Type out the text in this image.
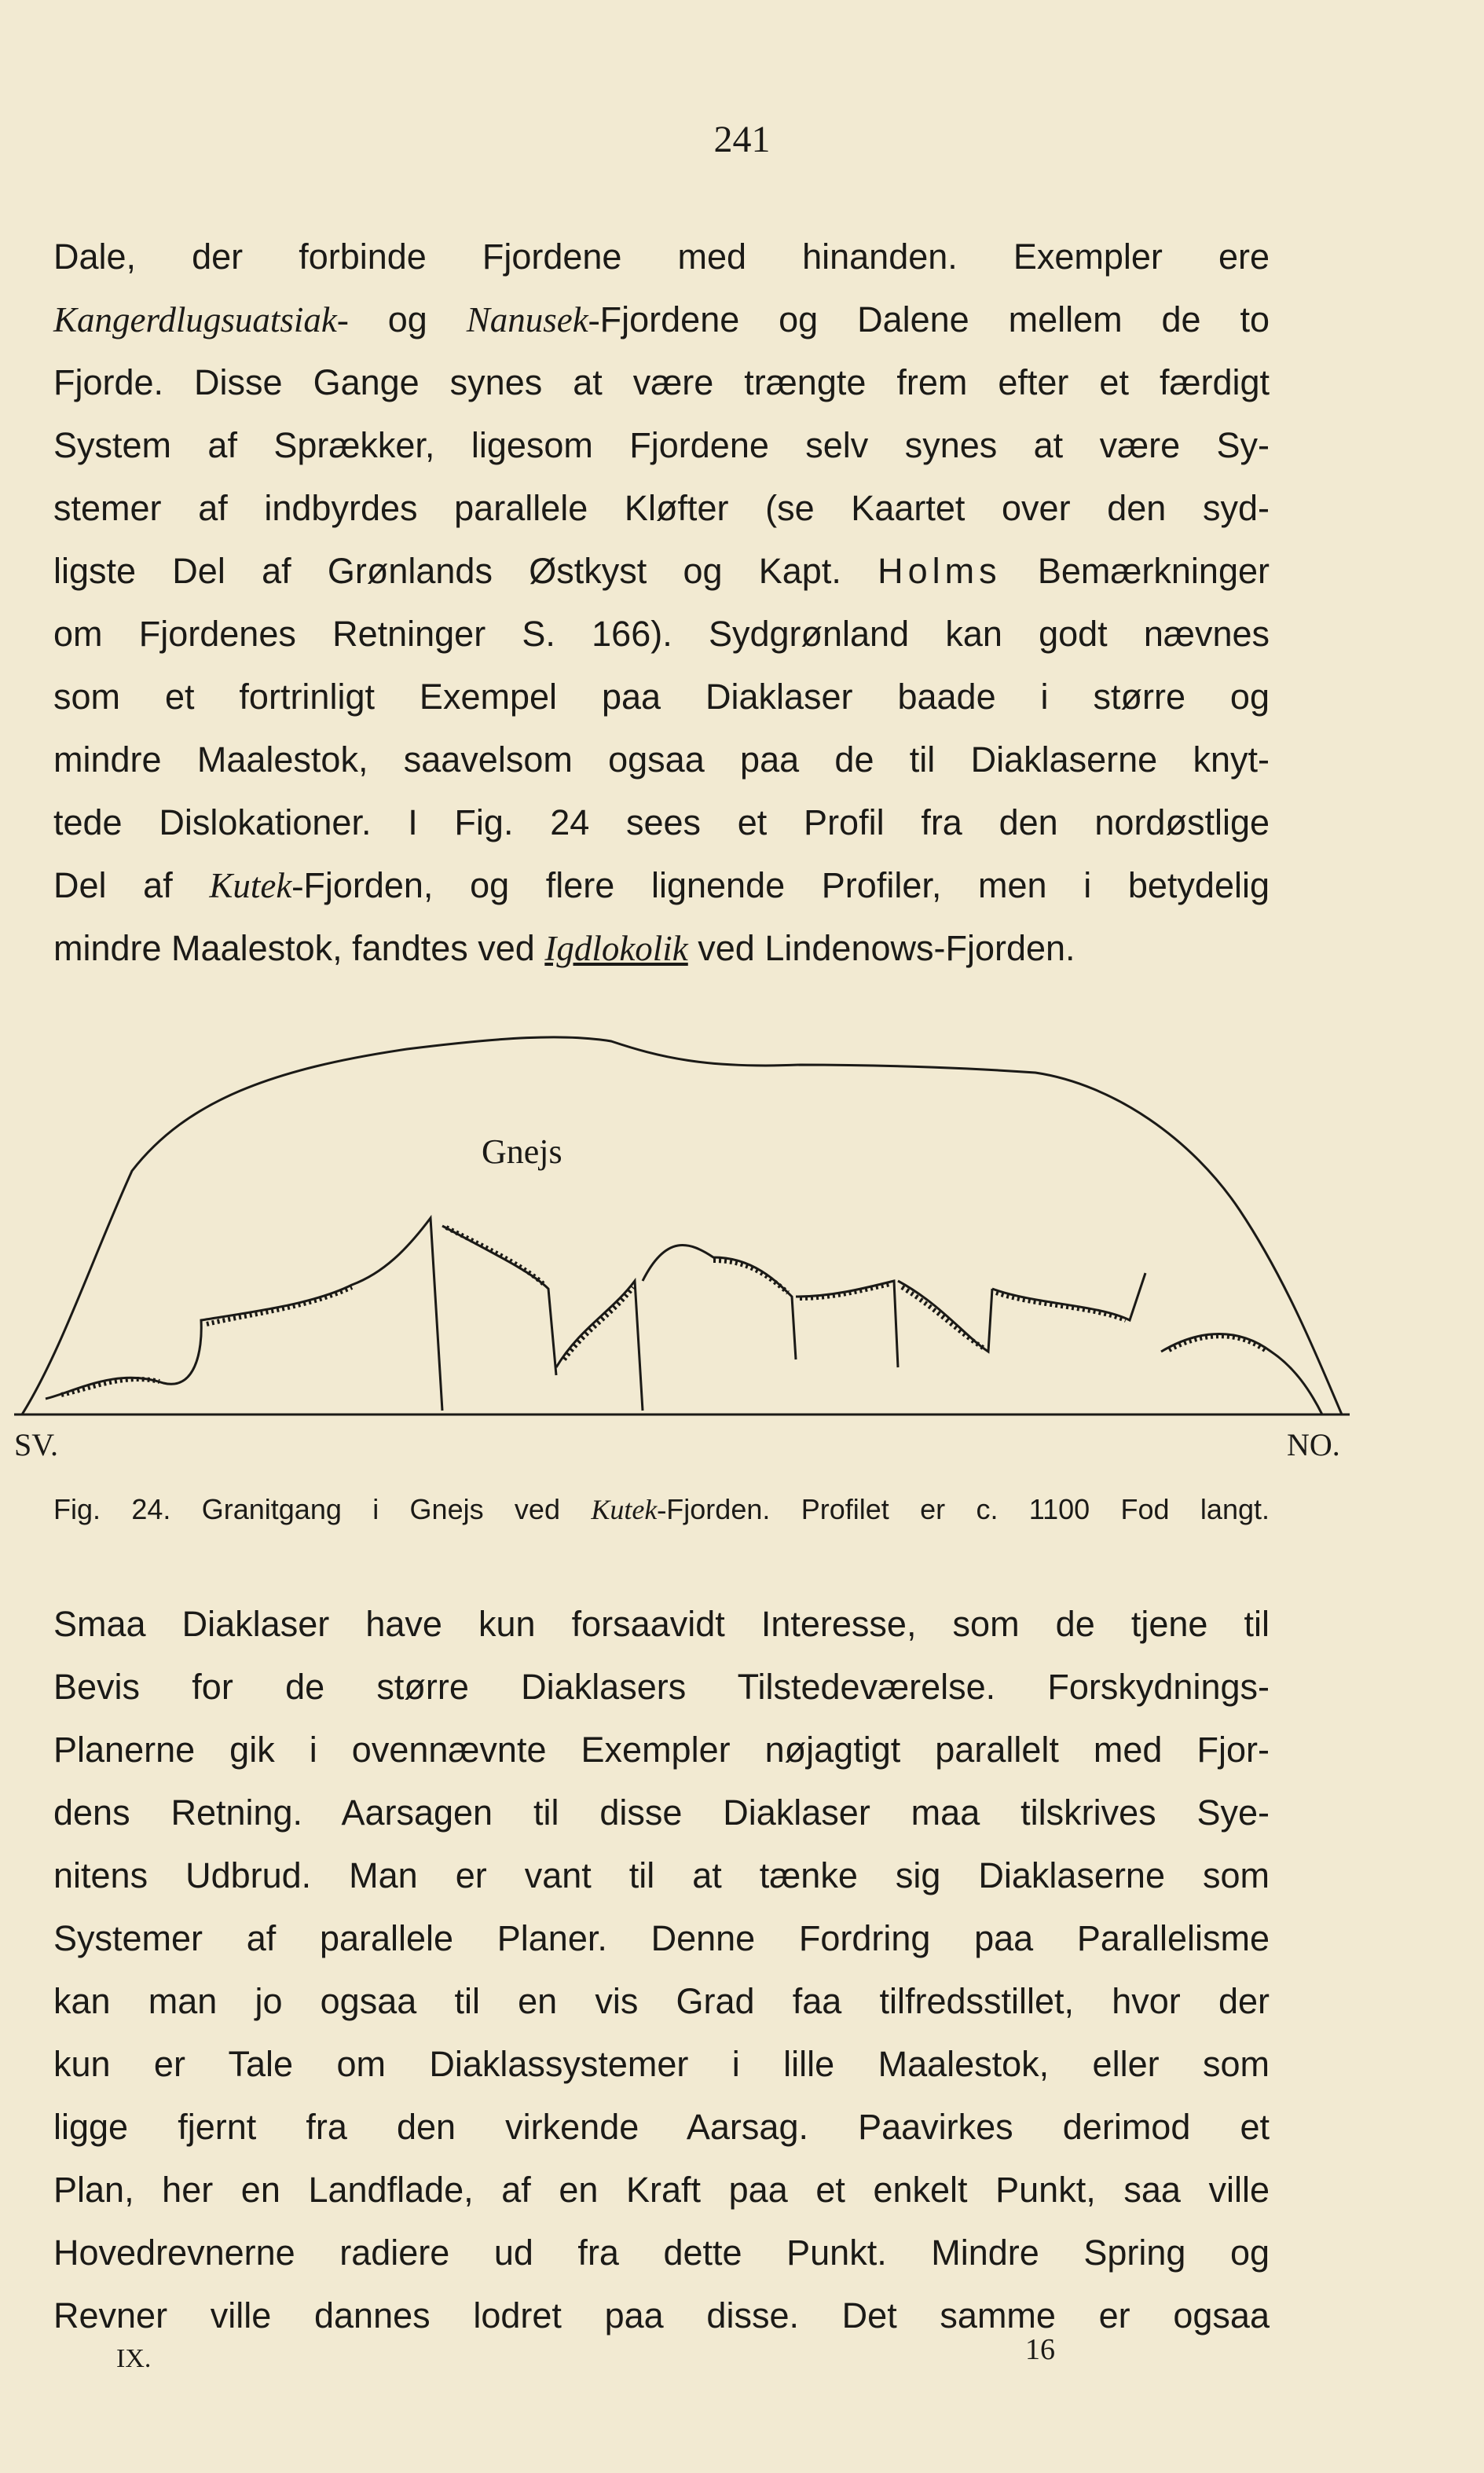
241
Dale, der forbinde Fjordene med hinanden. Exempler ere
Kangerdlugsuatsiak- og Nanusek-Fjordene og Dalene mellem de to
Fjorde. Disse Gange synes at være trængte frem efter et færdigt
System af Sprækker, ligesom Fjordene selv synes at være Sy-
stemer af indbyrdes parallele Kløfter (se Kaartet over den syd-
ligste Del af Grønlands Østkyst og Kapt. Holms Bemærkninger
om Fjordenes Retninger S. 166). Sydgrønland kan godt nævnes
som et fortrinligt Exempel paa Diaklaser baade i større og
mindre Maalestok, saavelsom ogsaa paa de til Diaklaserne knyt-
tede Dislokationer. I Fig. 24 sees et Profil fra den nordøstlige
Del af Kutek-Fjorden, og flere lignende Profiler, men i betydelig
mindre Maalestok, fandtes ved Igdlokolik ved Lindenows-Fjorden.
Gnejs
SV.	NO.
Fig. 24. Granitgang i Gnejs ved Kutek-Fjorden. Profilet er c. 1100 Fod langt.
Smaa Diaklaser have kun forsaavidt Interesse, som de tjene til
Bevis for de større Diaklasers Tilstedeværelse. Forskydnings-
Planerne gik i ovennævnte Exempler nøjagtigt parallelt med Fjor-
dens Retning. Aarsagen til disse Diaklaser maa tilskrives Sye-
nitens Udbrud. Man er vant til at tænke sig Diaklaserne som
Systemer af parallele Planer. Denne Fordring paa Parallelisme
kan man jo ogsaa til en vis Grad faa tilfredsstillet, hvor der
kun er Tale om Diaklassystemer i lille Maalestok, eller som
ligge fjernt fra den virkende Aarsag. Paavirkes derimod et
Plan, her en Landflade, af en Kraft paa et enkelt Punkt, saa ville
Hovedrevnerne radiere ud fra dette Punkt. Mindre Spring og
Revner ville dannes lodret paa disse. Det samme er ogsaa
IX.	16
